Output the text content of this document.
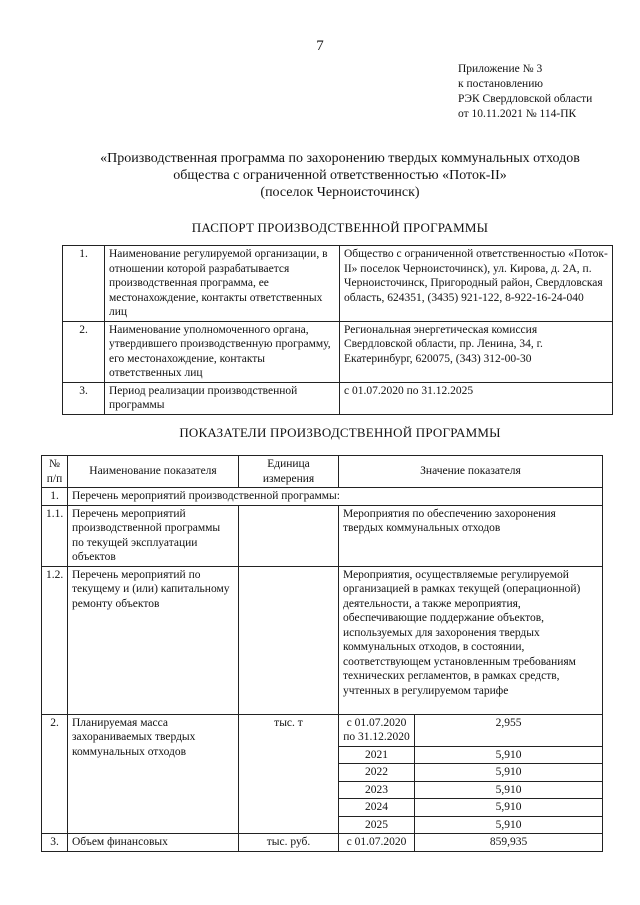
7
Приложение № 3
к постановлению
РЭК Свердловской области
от 10.11.2021 № 114-ПК
«Производственная программа по захоронению твердых коммунальных отходов
общества с ограниченной ответственностью «Поток-II»
(поселок Черноисточинск)
ПАСПОРТ ПРОИЗВОДСТВЕННОЙ ПРОГРАММЫ
1.	Наименование регулируемой организации, в отношении которой разрабатывается производственная программа, ее местонахождение, контакты ответственных лиц	Общество с ограниченной ответственностью «Поток-II» поселок Черноисточинск), ул. Кирова, д. 2А, п. Черноисточинск, Пригородный район, Свердловская область, 624351, (3435) 921-122, 8-922-16-24-040
2.	Наименование уполномоченного органа, утвердившего производственную программу, его местонахождение, контакты ответственных лиц	Региональная энергетическая комиссия Свердловской области, пр. Ленина, 34, г. Екатеринбург, 620075, (343) 312-00-30
3.	Период реализации производственной программы	с 01.07.2020 по 31.12.2025
ПОКАЗАТЕЛИ ПРОИЗВОДСТВЕННОЙ ПРОГРАММЫ
№ п/п	Наименование показателя	Единица измерения	Значение показателя	
1.	Перечень мероприятий производственной программы:			
1.1.	Перечень мероприятий производственной программы по текущей эксплуатации объектов		Мероприятия по обеспечению захоронения твердых коммунальных отходов	
1.2.	Перечень мероприятий по текущему и (или) капитальному ремонту объектов		Мероприятия, осуществляемые регулируемой организацией в рамках текущей (операционной) деятельности, а также мероприятия, обеспечивающие поддержание объектов, используемых для захоронения твердых коммунальных отходов, в состоянии, соответствующем установленным требованиям технических регламентов, в рамках средств, учтенных в регулируемом тарифе	
2.	Планируемая масса захораниваемых твердых коммунальных отходов	тыс. т	с 01.07.2020 по 31.12.2020	2,955
			2021	5,910
			2022	5,910
			2023	5,910
			2024	5,910
			2025	5,910
3.	Объем финансовых	тыс. руб.	с 01.07.2020	859,935
